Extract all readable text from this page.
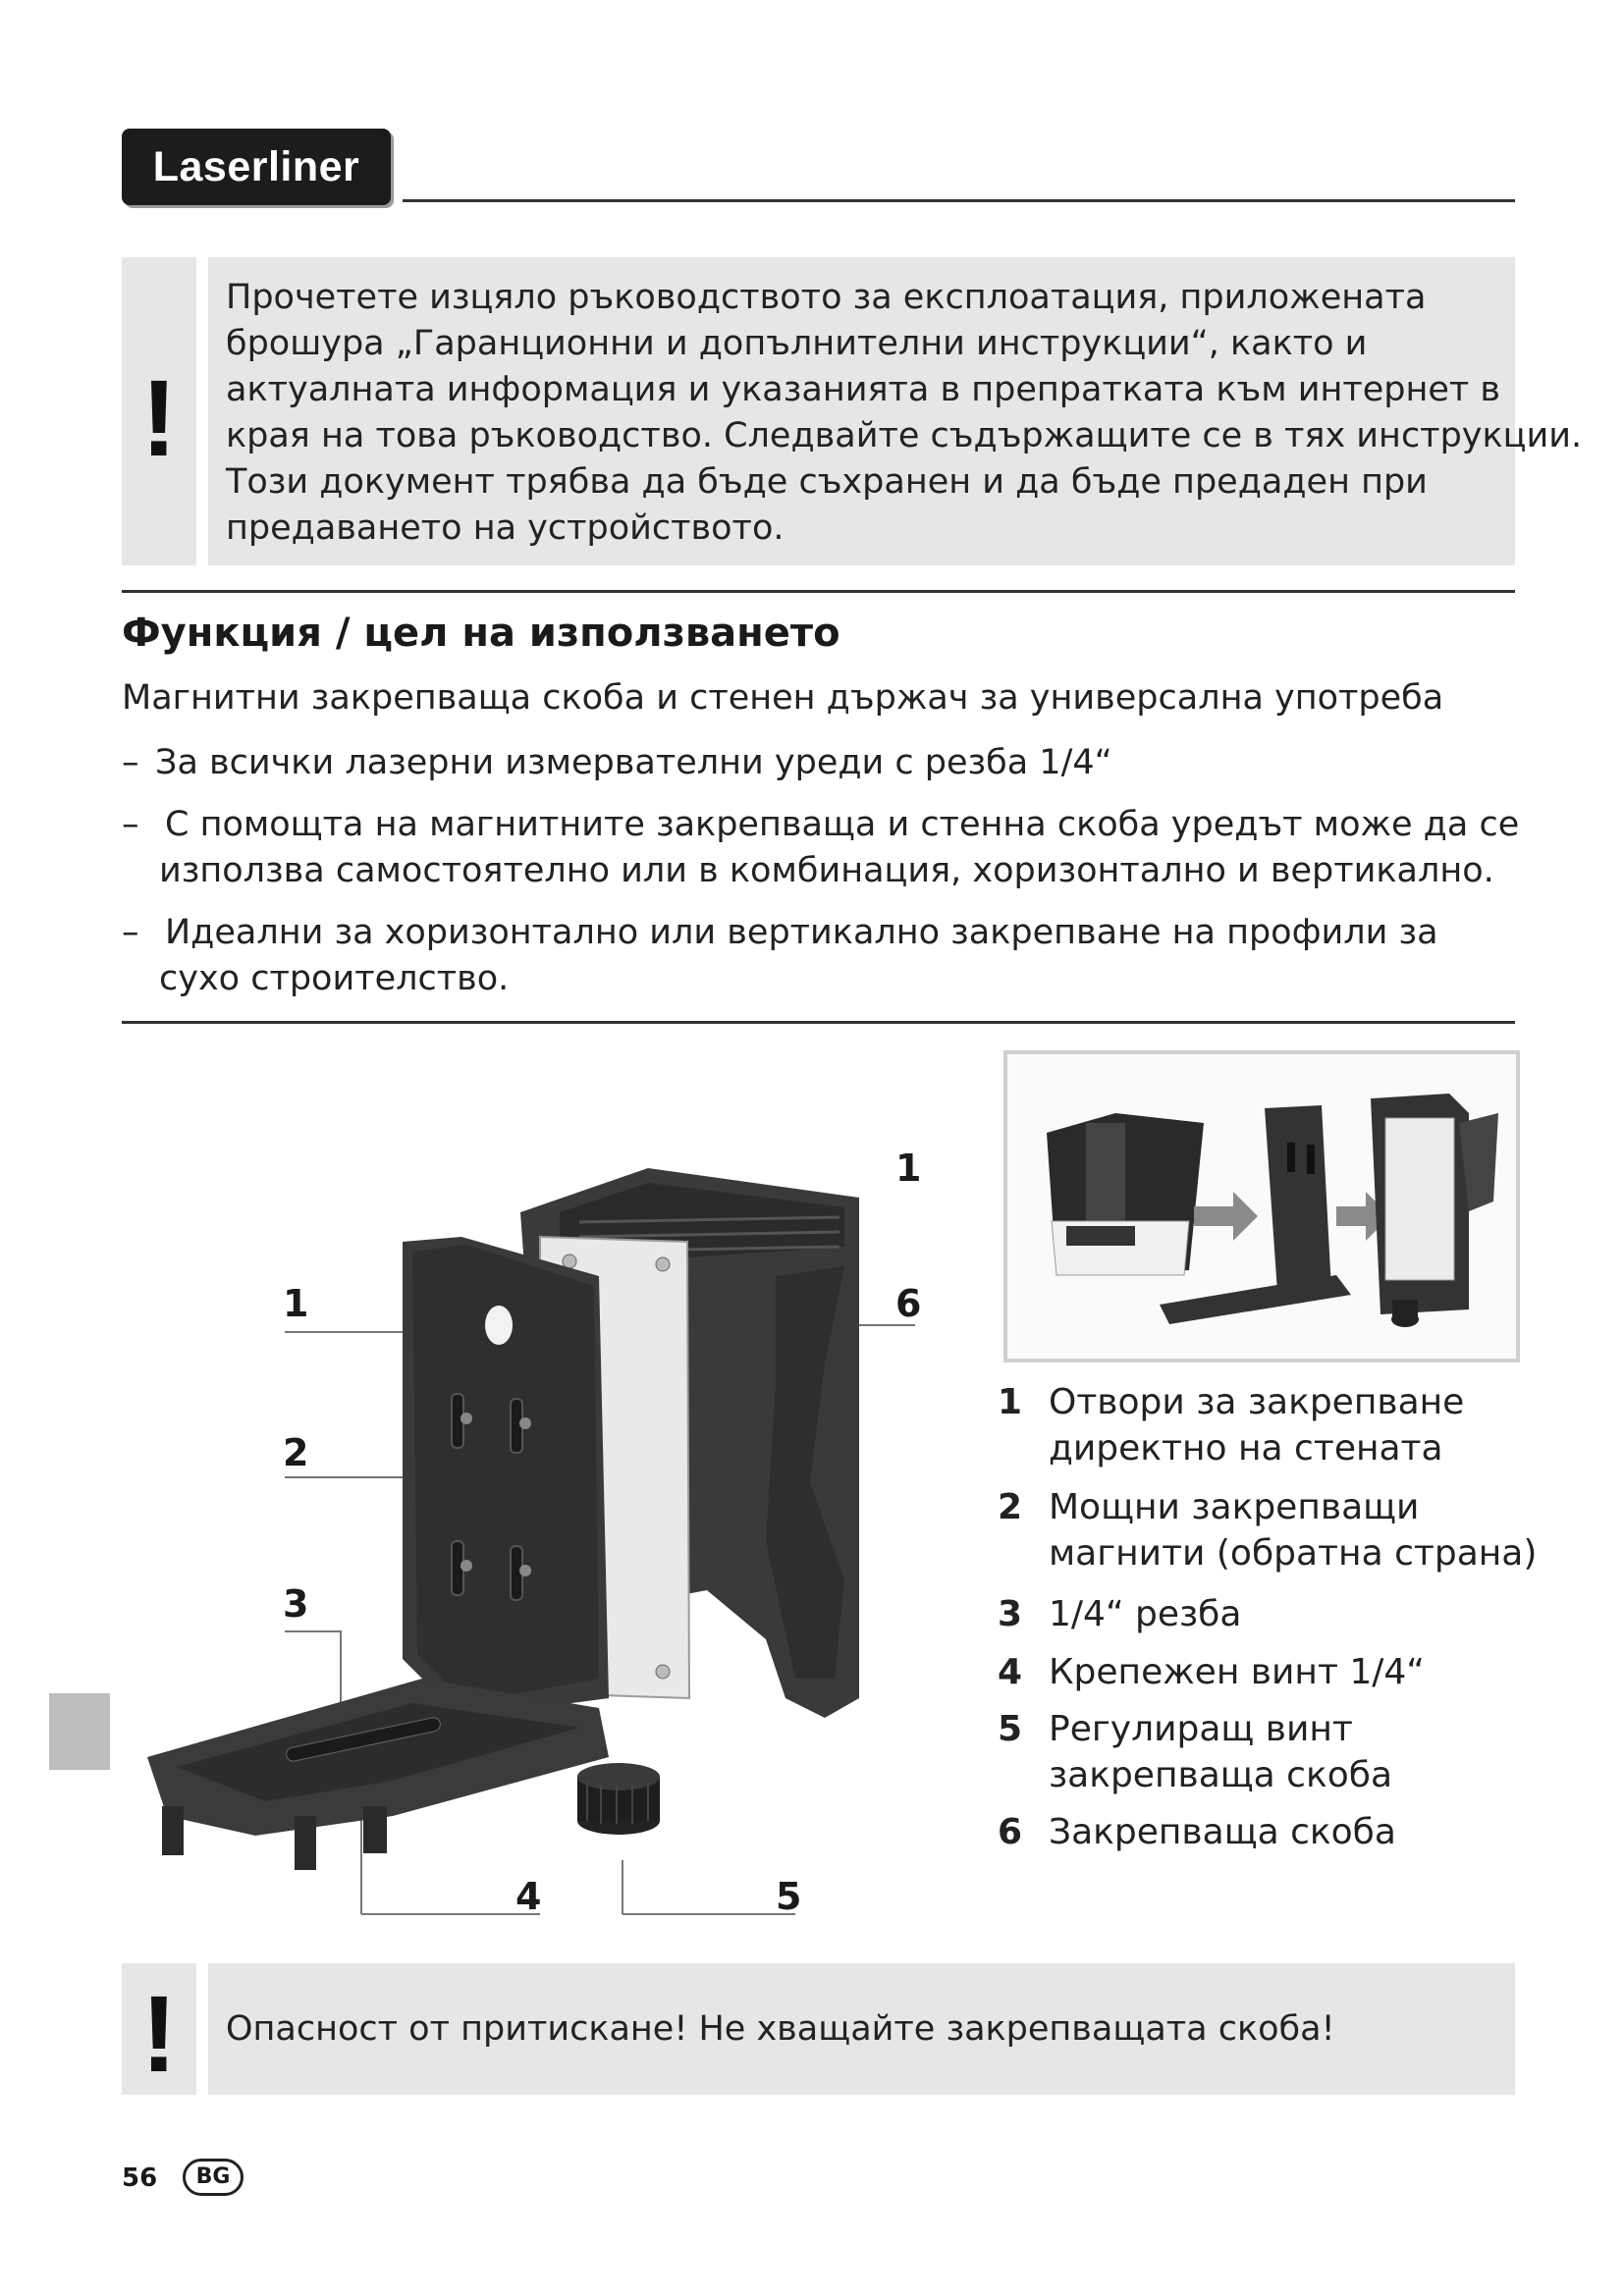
Laserliner
!
Прочетете изцяло ръководството за експлоатация, приложената
брошура „Гаранционни и допълнителни инструкции“, както и
актуалната информация и указанията в препратката към интернет в
края на това ръководство. Следвайте съдържащите се в тях инструкции.
Този документ трябва да бъде съхранен и да бъде предаден при
предаването на устройството.
Функция / цел на използването
Магнитни закрепваща скоба и стенен държач за универсална употреба
– За всички лазерни измервателни уреди с резба 1/4“
– С помощта на магнитните закрепваща и стенна скоба уредът може да се
използва самостоятелно или в комбинация, хоризонтално и вертикално.
– Идеални за хоризонтално или вертикално закрепване на профили за
сухо строителство.
1
1	6
2
3
4	5
1 Отвори за закрепване
директно на стената
2 Мощни закрепващи
магнити (обратна страна)
3 1/4“ резба
4 Крепежен винт 1/4“
5 Регулиращ винт
закрепваща скоба
6 Закрепваща скоба
!	Опасност от притискане! Не хващайте закрепващата скоба!
56	BG
